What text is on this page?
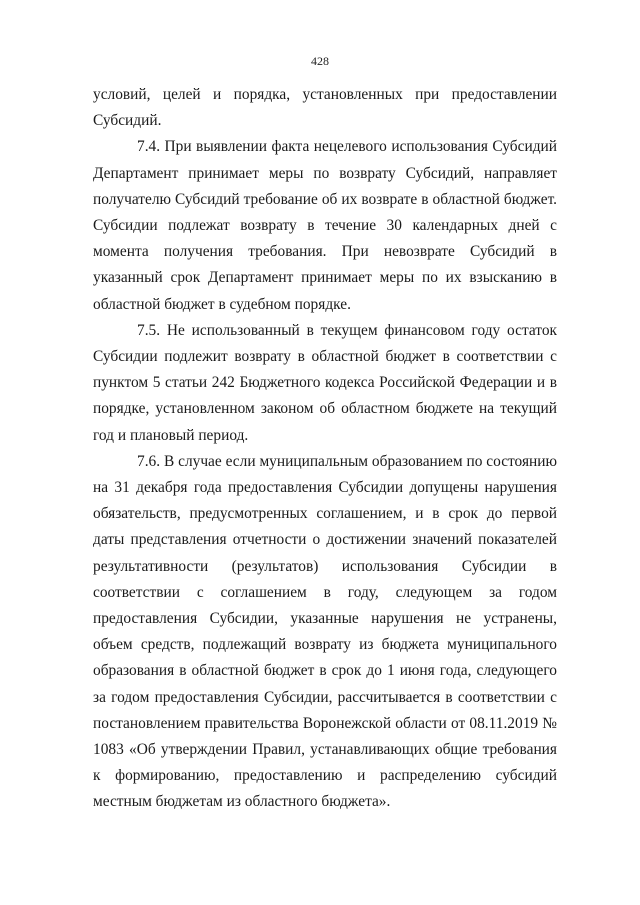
428

условий, целей и порядка, установленных при предоставлении Субсидий.

7.4. При выявлении факта нецелевого использования Субсидий Департамент принимает меры по возврату Субсидий, направляет получателю Субсидий требование об их возврате в областной бюджет. Субсидии подлежат возврату в течение 30 календарных дней с момента получения требования. При невозврате Субсидий в указанный срок Департамент принимает меры по их взысканию в областной бюджет в судебном порядке.

7.5. Не использованный в текущем финансовом году остаток Субсидии подлежит возврату в областной бюджет в соответствии с пунктом 5 статьи 242 Бюджетного кодекса Российской Федерации и в порядке, установленном законом об областном бюджете на текущий год и плановый период.

7.6. В случае если муниципальным образованием по состоянию на 31 декабря года предоставления Субсидии допущены нарушения обязательств, предусмотренных соглашением, и в срок до первой даты представления отчетности о достижении значений показателей результативности (результатов) использования Субсидии в соответствии с соглашением в году, следующем за годом предоставления Субсидии, указанные нарушения не устранены, объем средств, подлежащий возврату из бюджета муниципального образования в областной бюджет в срок до 1 июня года, следующего за годом предоставления Субсидии, рассчитывается в соответствии с постановлением правительства Воронежской области от 08.11.2019 № 1083 «Об утверждении Правил, устанавливающих общие требования к формированию, предоставлению и распределению субсидий местным бюджетам из областного бюджета».
